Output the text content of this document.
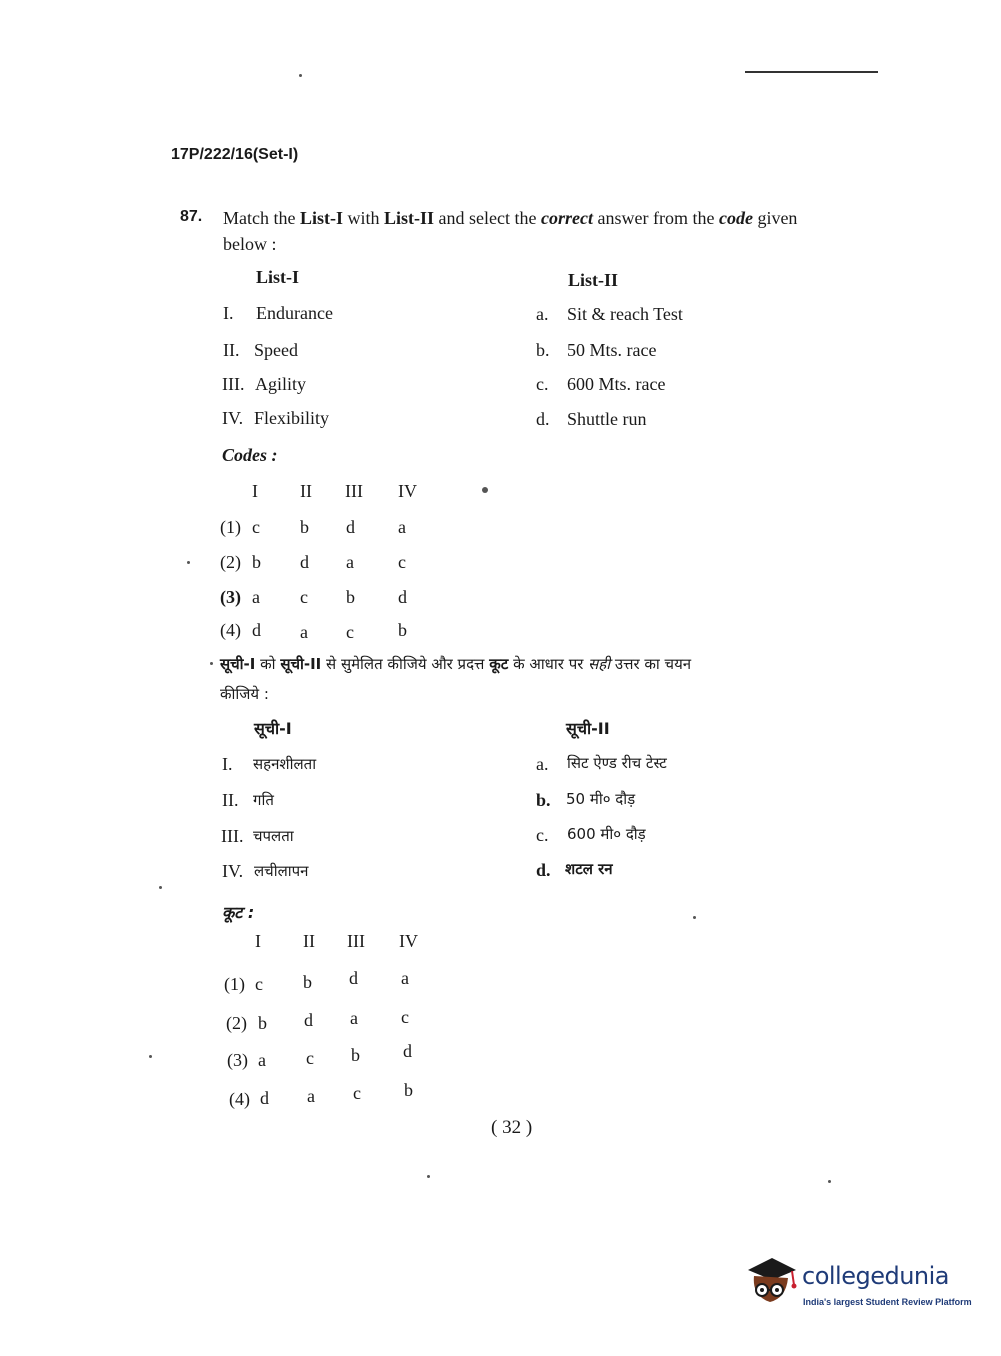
17P/222/16(Set-I)
87. Match the List-I with List-II and select the correct answer from the code given
below :
List-I	List-II
I. Endurance
II. Speed
III. Agility
IV. Flexibility
a. Sit & reach Test
b. 50 Mts. race
c. 600 Mts. race
d. Shuttle run
Codes :
I II III IV
(1) c b d a
(2) b d a c
(3) a c b d
(4) d a c b
सूची-I को सूची-II से सुमेलित कीजिये और प्रदत्त कूट के आधार पर सही उत्तर का चयन
कीजिये :
सूची-I	सूची-II
I. सहनशीलता
II. गति
III. चपलता
IV. लचीलापन
a. सिट ऐण्ड रीच टेस्ट
b. 50 मी० दौड़
c. 600 मी० दौड़
d. शटल रन
कूट :
I II III IV
(1) c b d a
(2) b d a c
(3) a c b d
(4) d a c b
( 32 )
collegedunia
India's largest Student Review Platform
